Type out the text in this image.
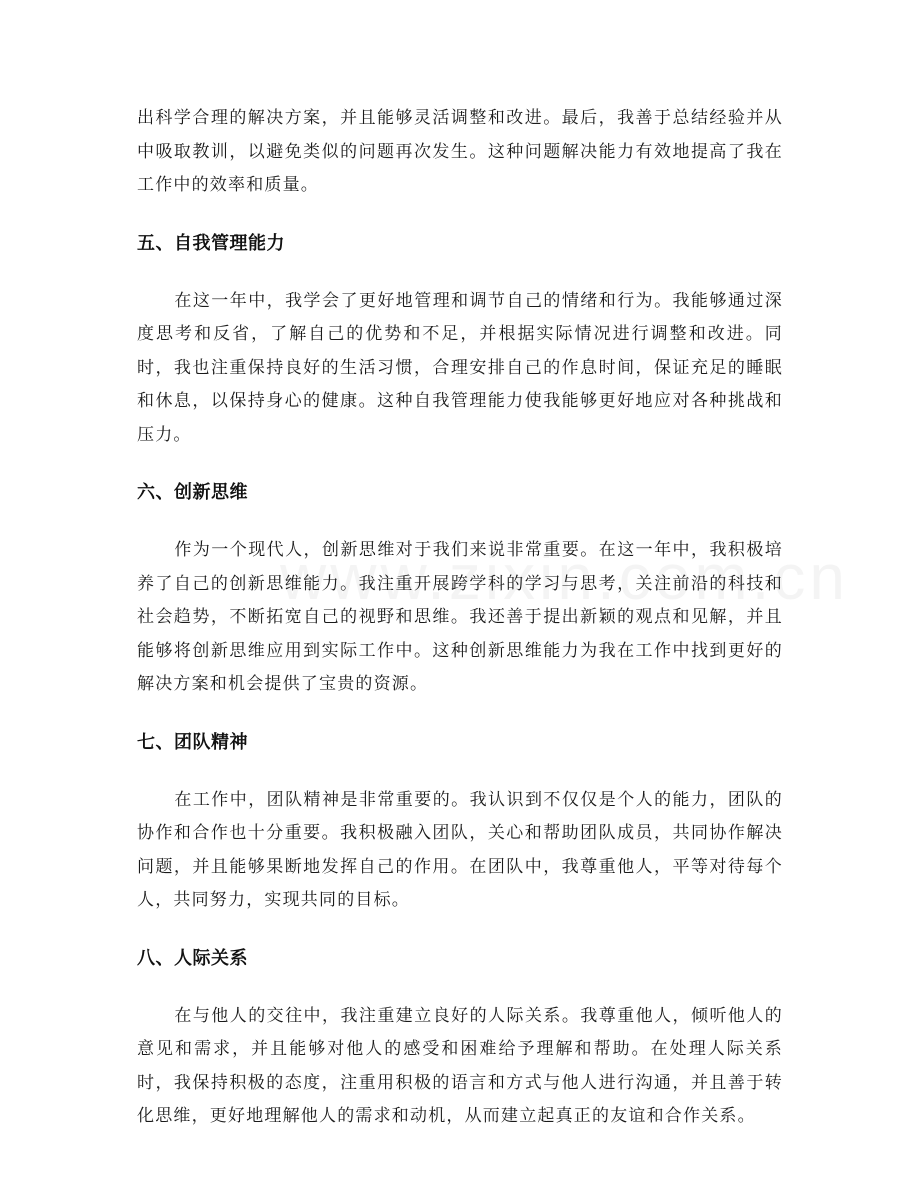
出科学合理的解决方案，并且能够灵活调整和改进。最后，我善于总结经验并从中吸取教训，以避免类似的问题再次发生。这种问题解决能力有效地提高了我在工作中的效率和质量。

五、自我管理能力

在这一年中，我学会了更好地管理和调节自己的情绪和行为。我能够通过深度思考和反省，了解自己的优势和不足，并根据实际情况进行调整和改进。同时，我也注重保持良好的生活习惯，合理安排自己的作息时间，保证充足的睡眠和休息，以保持身心的健康。这种自我管理能力使我能够更好地应对各种挑战和压力。

六、创新思维

作为一个现代人，创新思维对于我们来说非常重要。在这一年中，我积极培养了自己的创新思维能力。我注重开展跨学科的学习与思考，关注前沿的科技和社会趋势，不断拓宽自己的视野和思维。我还善于提出新颖的观点和见解，并且能够将创新思维应用到实际工作中。这种创新思维能力为我在工作中找到更好的解决方案和机会提供了宝贵的资源。

七、团队精神

在工作中，团队精神是非常重要的。我认识到不仅仅是个人的能力，团队的协作和合作也十分重要。我积极融入团队，关心和帮助团队成员，共同协作解决问题，并且能够果断地发挥自己的作用。在团队中，我尊重他人，平等对待每个人，共同努力，实现共同的目标。

八、人际关系

在与他人的交往中，我注重建立良好的人际关系。我尊重他人，倾听他人的意见和需求，并且能够对他人的感受和困难给予理解和帮助。在处理人际关系时，我保持积极的态度，注重用积极的语言和方式与他人进行沟通，并且善于转化思维，更好地理解他人的需求和动机，从而建立起真正的友谊和合作关系。
